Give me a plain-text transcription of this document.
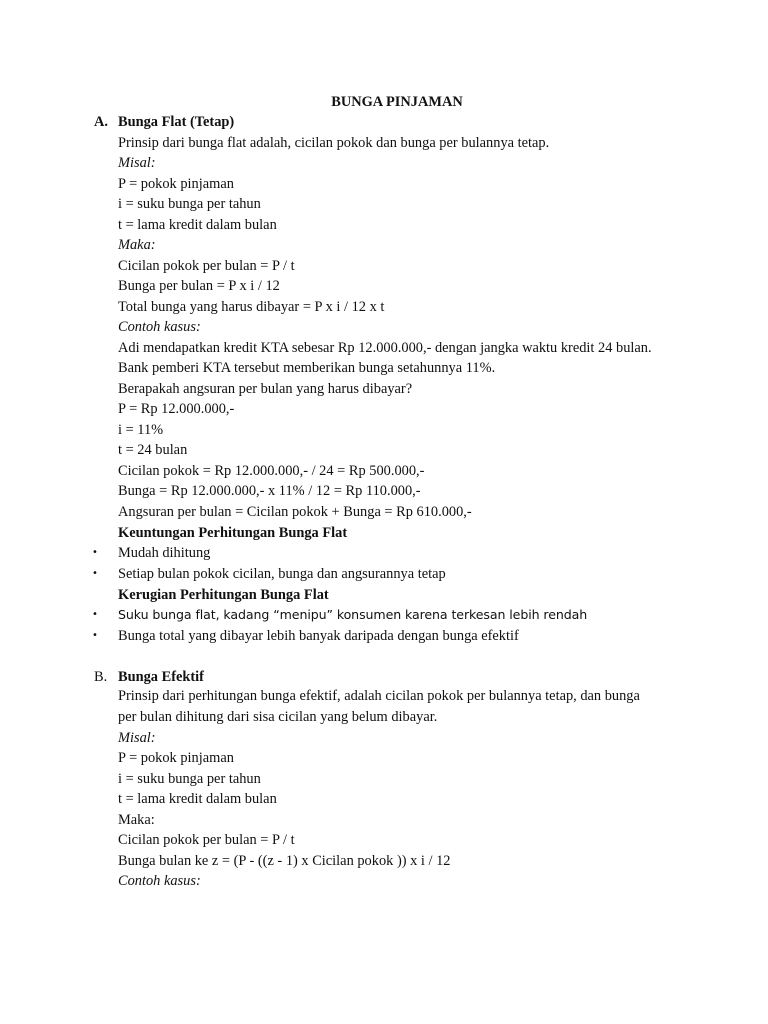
BUNGA PINJAMAN
A. Bunga Flat (Tetap)
Prinsip dari bunga flat adalah, cicilan pokok dan bunga per bulannya tetap.
Misal:
P = pokok pinjaman
i = suku bunga per tahun
t = lama kredit dalam bulan
Maka:
Cicilan pokok per bulan = P / t
Bunga per bulan = P x i / 12
Total bunga yang harus dibayar = P x i / 12 x t
Contoh kasus:
Adi mendapatkan kredit KTA sebesar Rp 12.000.000,- dengan jangka waktu kredit 24 bulan.
Bank pemberi KTA tersebut memberikan bunga setahunnya 11%.
Berapakah angsuran per bulan yang harus dibayar?
P = Rp 12.000.000,-
i = 11%
t = 24 bulan
Cicilan pokok = Rp 12.000.000,- / 24 = Rp 500.000,-
Bunga = Rp 12.000.000,- x 11% / 12 = Rp 110.000,-
Angsuran per bulan = Cicilan pokok + Bunga = Rp 610.000,-
Keuntungan Perhitungan Bunga Flat
• Mudah dihitung
• Setiap bulan pokok cicilan, bunga dan angsurannya tetap
Kerugian Perhitungan Bunga Flat
• Suku bunga flat, kadang “menipu” konsumen karena terkesan lebih rendah
• Bunga total yang dibayar lebih banyak daripada dengan bunga efektif
B. Bunga Efektif
Prinsip dari perhitungan bunga efektif, adalah cicilan pokok per bulannya tetap, dan bunga
per bulan dihitung dari sisa cicilan yang belum dibayar.
Misal:
P = pokok pinjaman
i = suku bunga per tahun
t = lama kredit dalam bulan
Maka:
Cicilan pokok per bulan = P / t
Bunga bulan ke z = (P - ((z - 1) x Cicilan pokok )) x i / 12
Contoh kasus:
